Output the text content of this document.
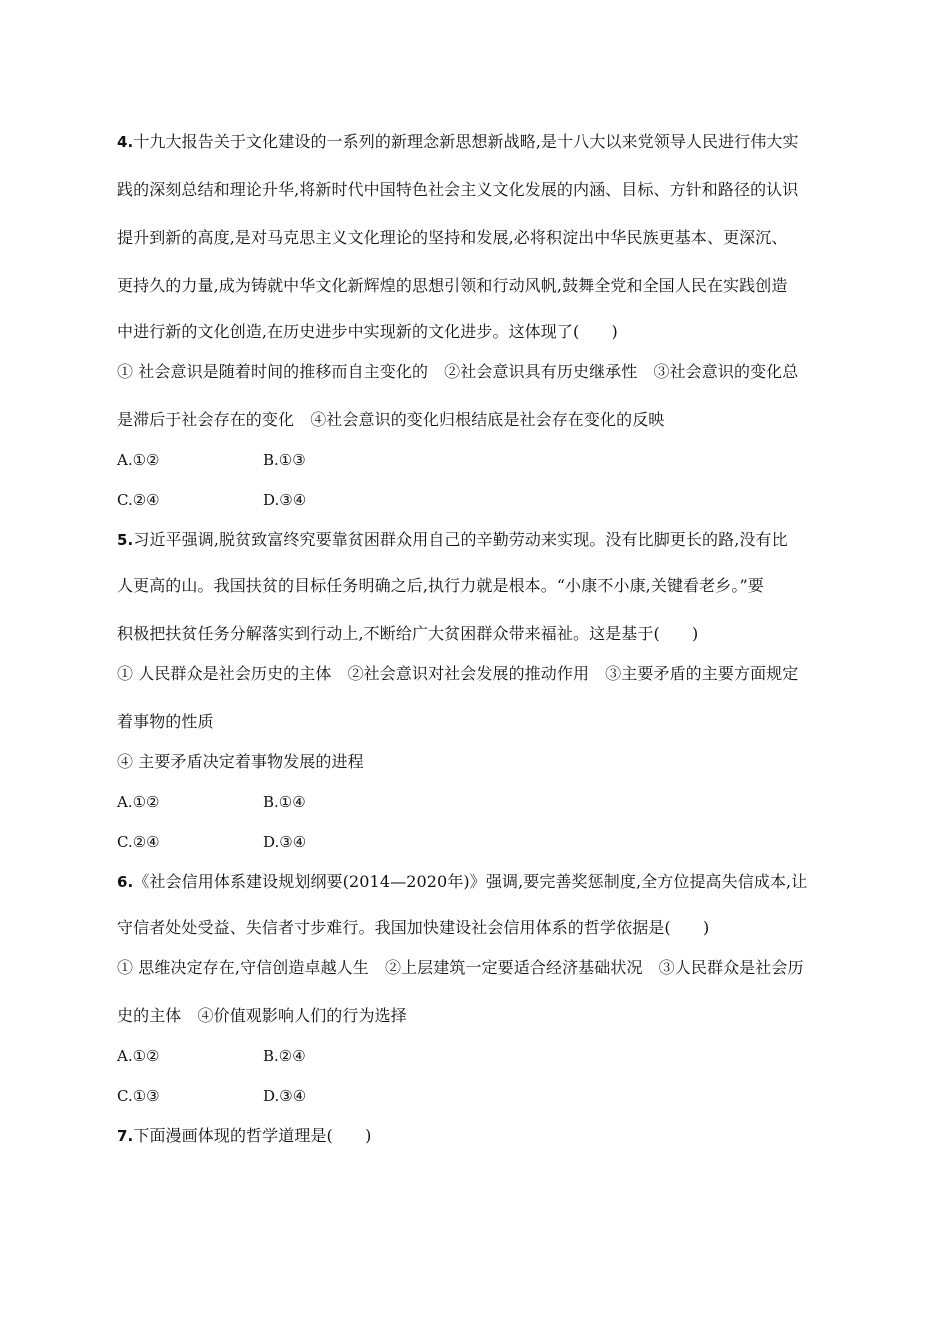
4.十九大报告关于文化建设的一系列的新理念新思想新战略,是十八大以来党领导人民进行伟大实
践的深刻总结和理论升华,将新时代中国特色社会主义文化发展的内涵、目标、方针和路径的认识
提升到新的高度,是对马克思主义文化理论的坚持和发展,必将积淀出中华民族更基本、更深沉、
更持久的力量,成为铸就中华文化新辉煌的思想引领和行动风帆,鼓舞全党和全国人民在实践创造
中进行新的文化创造,在历史进步中实现新的文化进步。这体现了(　　)
① 社会意识是随着时间的推移而自主变化的　②社会意识具有历史继承性　③社会意识的变化总
是滞后于社会存在的变化　④社会意识的变化归根结底是社会存在变化的反映
A.①②	B.①③
C.②④	D.③④
5.习近平强调,脱贫致富终究要靠贫困群众用自己的辛勤劳动来实现。没有比脚更长的路,没有比
人更高的山。我国扶贫的目标任务明确之后,执行力就是根本。“小康不小康,关键看老乡。”要
积极把扶贫任务分解落实到行动上,不断给广大贫困群众带来福祉。这是基于(　　)
① 人民群众是社会历史的主体　②社会意识对社会发展的推动作用　③主要矛盾的主要方面规定
着事物的性质
④ 主要矛盾决定着事物发展的进程
A.①②	B.①④
C.②④	D.③④
6.《社会信用体系建设规划纲要(2014—2020年)》强调,要完善奖惩制度,全方位提高失信成本,让
守信者处处受益、失信者寸步难行。我国加快建设社会信用体系的哲学依据是(　　)
① 思维决定存在,守信创造卓越人生　②上层建筑一定要适合经济基础状况　③人民群众是社会历
史的主体　④价值观影响人们的行为选择
A.①②	B.②④
C.①③	D.③④
7.下面漫画体现的哲学道理是(　　)
